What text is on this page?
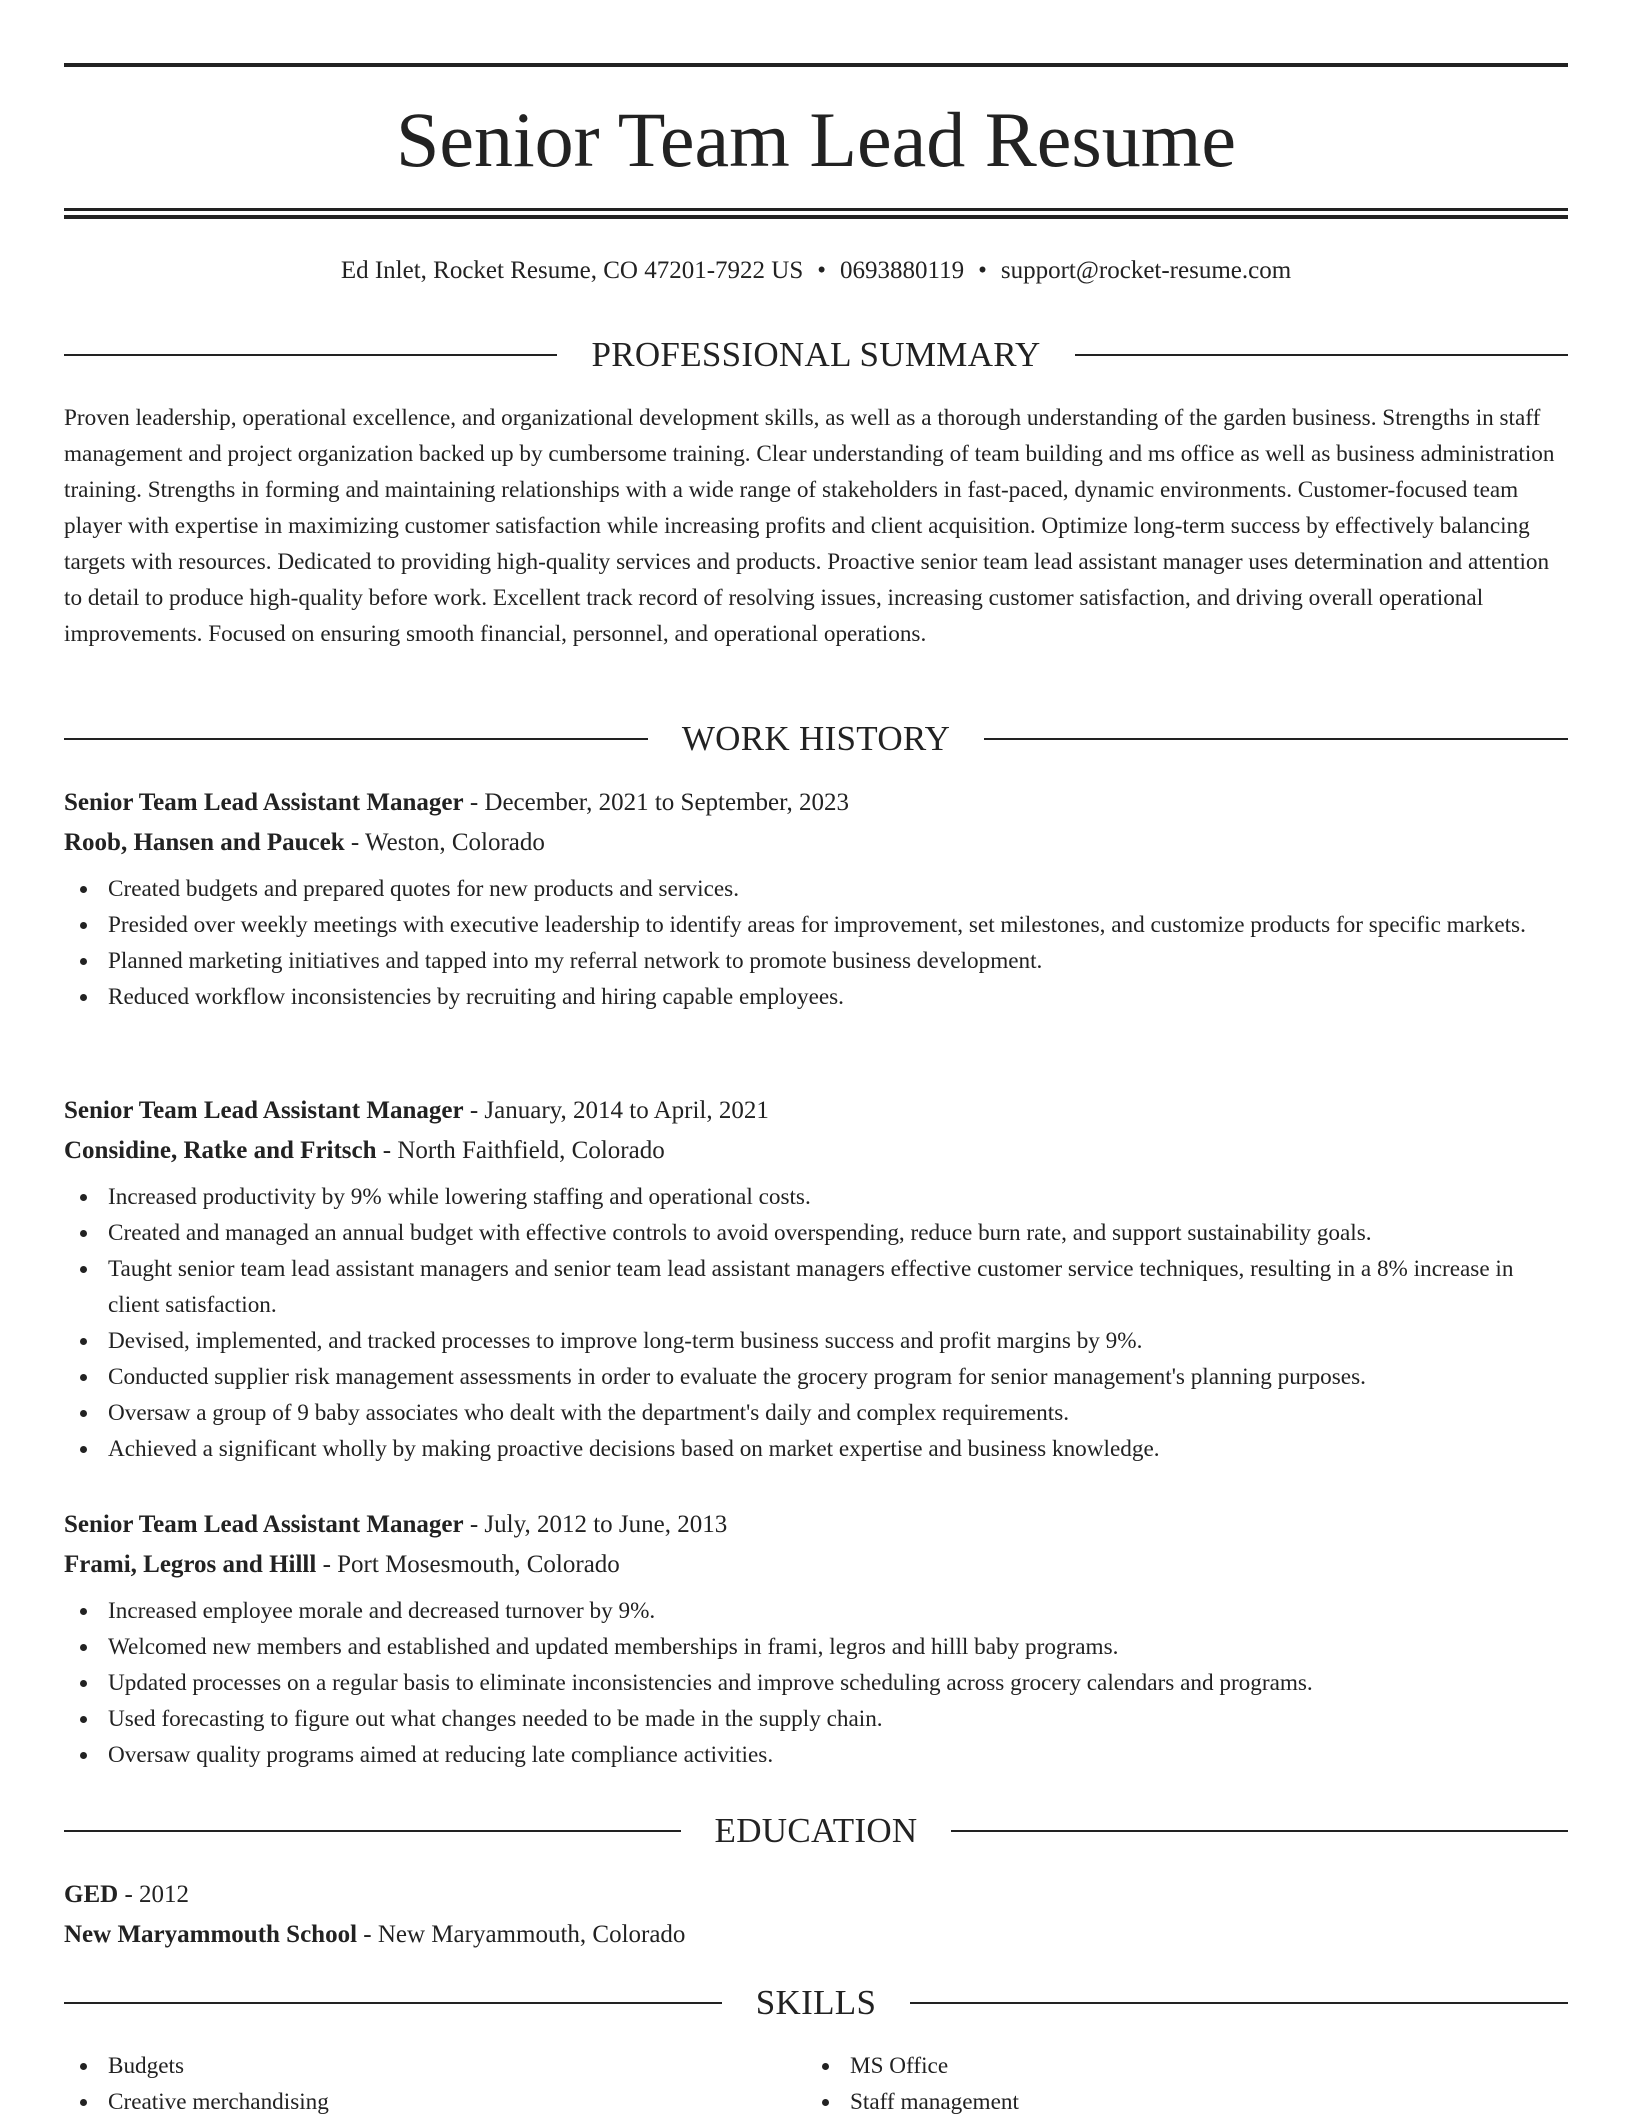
Senior Team Lead Resume
Ed Inlet, Rocket Resume, CO 47201-7922 US • 0693880119 • support@rocket-resume.com
PROFESSIONAL SUMMARY

Proven leadership, operational excellence, and organizational development skills, as well as a thorough understanding of the garden business. Strengths in staff management and project organization backed up by cumbersome training. Clear understanding of team building and ms office as well as business administration training. Strengths in forming and maintaining relationships with a wide range of stakeholders in fast-paced, dynamic environments. Customer-focused team player with expertise in maximizing customer satisfaction while increasing profits and client acquisition. Optimize long-term success by effectively balancing targets with resources. Dedicated to providing high-quality services and products. Proactive senior team lead assistant manager uses determination and attention to detail to produce high-quality before work. Excellent track record of resolving issues, increasing customer satisfaction, and driving overall operational improvements. Focused on ensuring smooth financial, personnel, and operational operations.

WORK HISTORY
Senior Team Lead Assistant Manager - December, 2021 to September, 2023
Roob, Hansen and Paucek - Weston, Colorado
Created budgets and prepared quotes for new products and services.
Presided over weekly meetings with executive leadership to identify areas for improvement, set milestones, and customize products for specific markets.
Planned marketing initiatives and tapped into my referral network to promote business development.
Reduced workflow inconsistencies by recruiting and hiring capable employees.
Senior Team Lead Assistant Manager - January, 2014 to April, 2021
Considine, Ratke and Fritsch - North Faithfield, Colorado
Increased productivity by 9% while lowering staffing and operational costs.
Created and managed an annual budget with effective controls to avoid overspending, reduce burn rate, and support sustainability goals.
Taught senior team lead assistant managers and senior team lead assistant managers effective customer service techniques, resulting in a 8% increase in client satisfaction.
Devised, implemented, and tracked processes to improve long-term business success and profit margins by 9%.
Conducted supplier risk management assessments in order to evaluate the grocery program for senior management's planning purposes.
Oversaw a group of 9 baby associates who dealt with the department's daily and complex requirements.
Achieved a significant wholly by making proactive decisions based on market expertise and business knowledge.
Senior Team Lead Assistant Manager - July, 2012 to June, 2013
Frami, Legros and Hilll - Port Mosesmouth, Colorado
Increased employee morale and decreased turnover by 9%.
Welcomed new members and established and updated memberships in frami, legros and hilll baby programs.
Updated processes on a regular basis to eliminate inconsistencies and improve scheduling across grocery calendars and programs.
Used forecasting to figure out what changes needed to be made in the supply chain.
Oversaw quality programs aimed at reducing late compliance activities.
EDUCATION
GED - 2012
New Maryammouth School - New Maryammouth, Colorado
SKILLS
Budgets
Creative merchandising
MS Office
Staff management
